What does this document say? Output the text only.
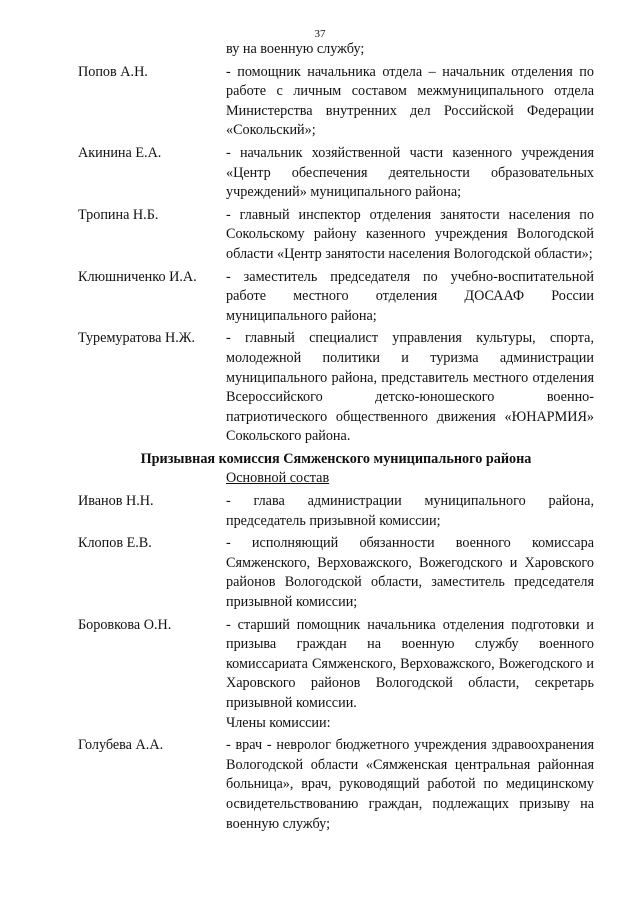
37
ву на военную службу;
Попов А.Н.	- помощник начальника отдела – начальник отделения по работе с личным составом межмуниципального отдела Министерства внутренних дел Российской Федерации «Сокольский»;
Акинина Е.А.	- начальник хозяйственной части казенного учреждения «Центр обеспечения деятельности образовательных учреждений» муниципального района;
Тропина Н.Б.	- главный инспектор отделения занятости населения по Сокольскому району казенного учреждения Вологодской области «Центр занятости населения Вологодской области»;
Клюшниченко И.А.	- заместитель председателя по учебно-воспитательной работе местного отделения ДОСААФ России муниципального района;
Туремуратова Н.Ж.	- главный специалист управления культуры, спорта, молодежной политики и туризма администрации муниципального района, представитель местного отделения Всероссийского детско-юношеского военно-патриотического общественного движения «ЮНАРМИЯ» Сокольского района.
Призывная комиссия Сямженского муниципального района
Основной состав
Иванов Н.Н.	- глава администрации муниципального района, председатель призывной комиссии;
Клопов Е.В.	- исполняющий обязанности военного комиссара Сямженского, Верховажского, Вожегодского и Харовского районов Вологодской области, заместитель председателя призывной комиссии;
Боровкова О.Н.	- старший помощник начальника отделения подготовки и призыва граждан на военную службу военного комиссариата Сямженского, Верховажского, Вожегодского и Харовского районов Вологодской области, секретарь призывной комиссии.
Члены комиссии:
Голубева А.А.	- врач - невролог бюджетного учреждения здравоохранения Вологодской области «Сямженская центральная районная больница», врач, руководящий работой по медицинскому освидетельствованию граждан, подлежащих призыву на военную службу;
